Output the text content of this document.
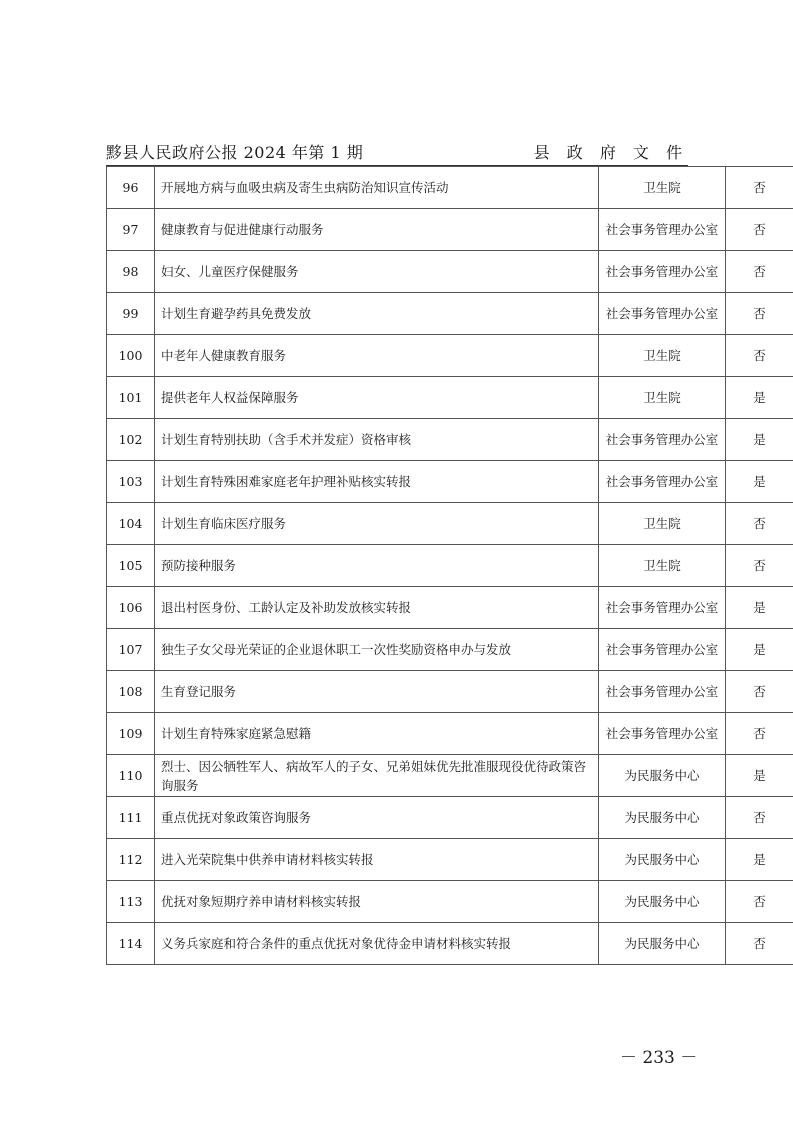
黟县人民政府公报 2024 年第 1 期	县 政 府 文 件
96	开展地方病与血吸虫病及寄生虫病防治知识宣传活动	卫生院	否
97	健康教育与促进健康行动服务	社会事务管理办公室	否
98	妇女、儿童医疗保健服务	社会事务管理办公室	否
99	计划生育避孕药具免费发放	社会事务管理办公室	否
100	中老年人健康教育服务	卫生院	否
101	提供老年人权益保障服务	卫生院	是
102	计划生育特别扶助（含手术并发症）资格审核	社会事务管理办公室	是
103	计划生育特殊困难家庭老年护理补贴核实转报	社会事务管理办公室	是
104	计划生育临床医疗服务	卫生院	否
105	预防接种服务	卫生院	否
106	退出村医身份、工龄认定及补助发放核实转报	社会事务管理办公室	是
107	独生子女父母光荣证的企业退休职工一次性奖励资格申办与发放	社会事务管理办公室	是
108	生育登记服务	社会事务管理办公室	否
109	计划生育特殊家庭紧急慰籍	社会事务管理办公室	否
110	烈士、因公牺牲军人、病故军人的子女、兄弟姐妹优先批准服现役优待政策咨询服务	为民服务中心	是
111	重点优抚对象政策咨询服务	为民服务中心	否
112	进入光荣院集中供养申请材料核实转报	为民服务中心	是
113	优抚对象短期疗养申请材料核实转报	为民服务中心	否
114	义务兵家庭和符合条件的重点优抚对象优待金申请材料核实转报	为民服务中心	否
－ 233 －
